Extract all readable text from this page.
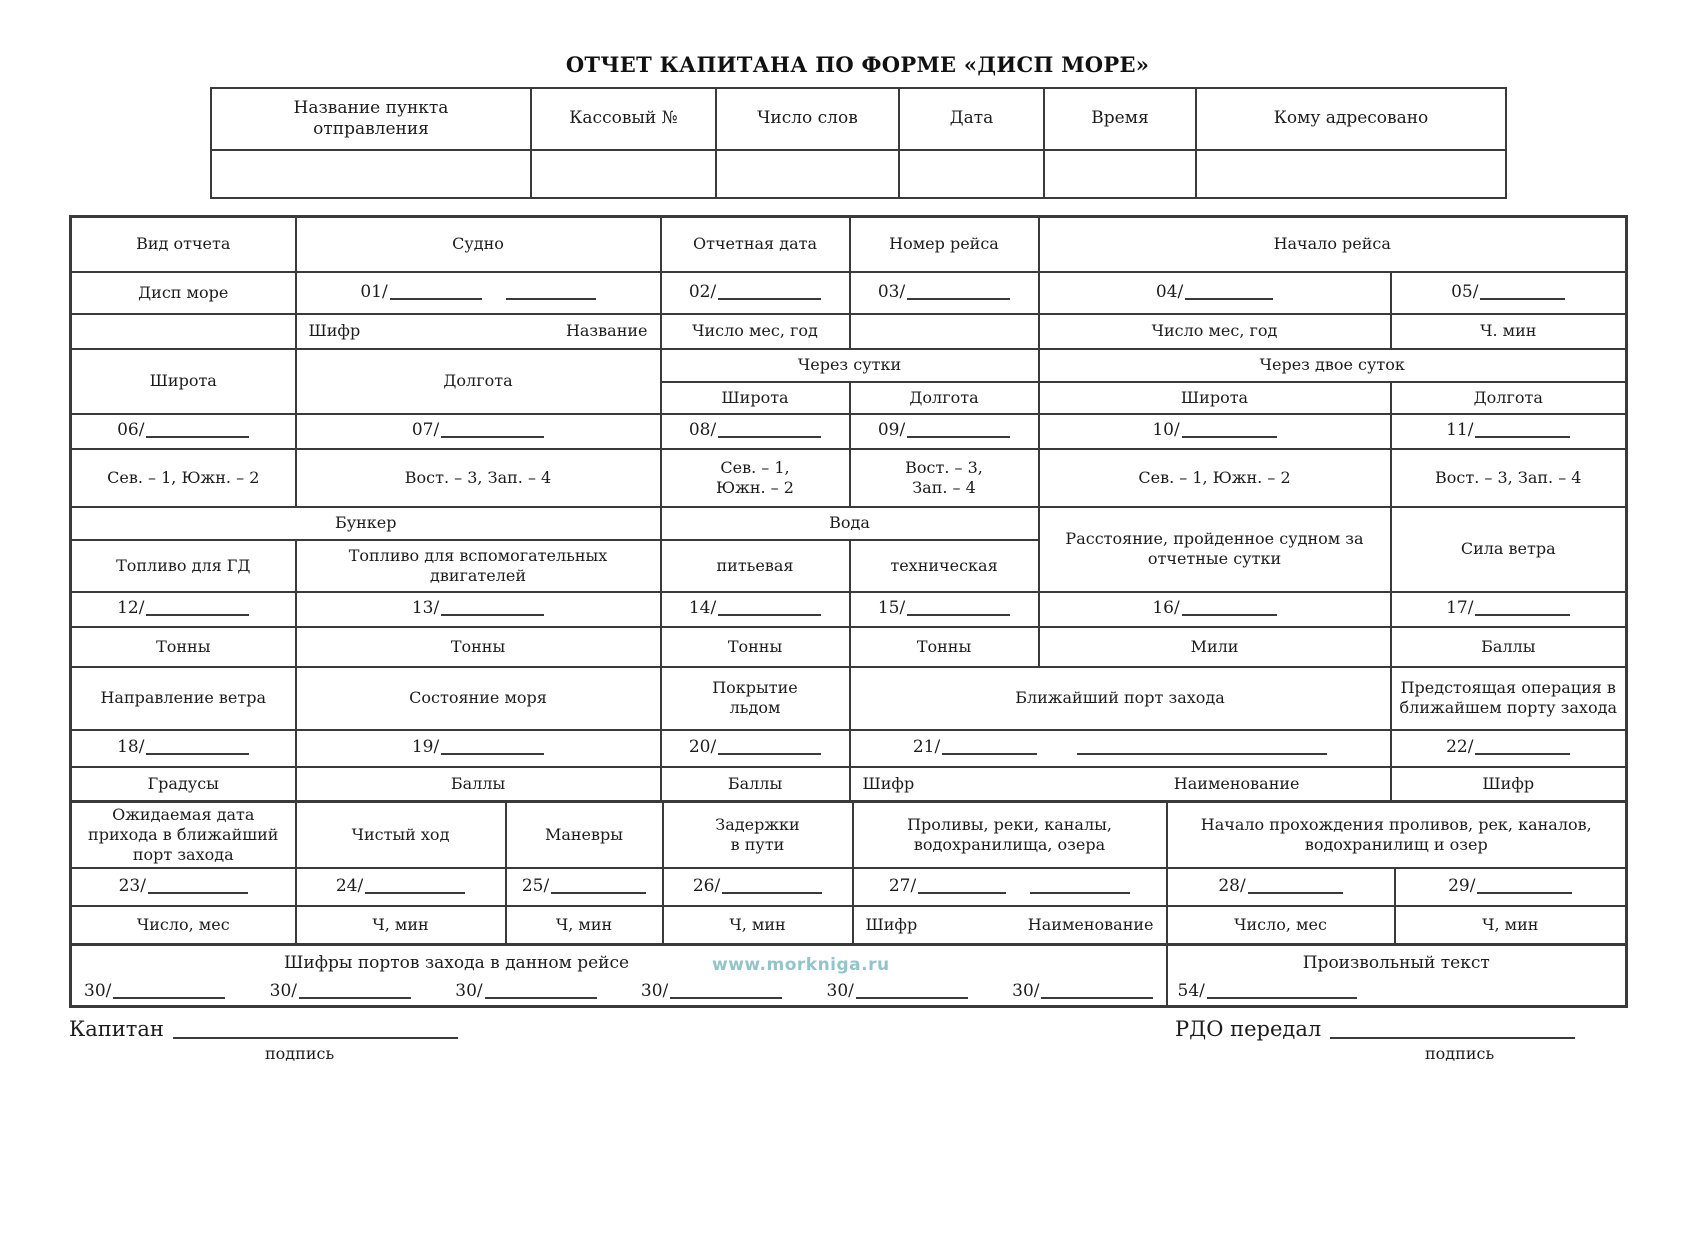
ОТЧЕТ КАПИТАНА ПО ФОРМЕ «ДИСП МОРЕ»
Название пункта отправления	Кассовый №	Число слов	Дата	Время	Кому адресовано

Вид отчета	Судно	Отчетная дата	Номер рейса	Начало рейса	
Дисп море	01/	02/	03/	04/	05/

	Шифр Название	Число мес, год		Число мес, год	Ч. мин
Широта	Долгота	Через сутки		Через двое суток	
		Широта	Долгота	Широта	Долгота
06/	07/	08/	09/	10/	11/
Сев. – 1, Южн. – 2	Вост. – 3, Зап. – 4	Сев. – 1, Южн. – 2	Вост. – 3, Зап. – 4	Сев. – 1, Южн. – 2	Вост. – 3, Зап. – 4
Бункер		Вода		Расстояние, пройденное судном за отчетные сутки	Сила ветра
Топливо для ГД	Топливо для вспомогательных двигателей	питьевая	техническая		
12/	13/	14/	15/	16/	17/
Тонны	Тонны	Тонны	Тонны	Мили	Баллы
Направление ветра	Состояние моря	Покрытие льдом	Ближайший порт захода		Предстоящая операция в ближайшем порту захода
18/	19/	20/	21/		22/
Градусы	Баллы	Баллы	Шифр Наименование		Шифр
Ожидаемая дата прихода в ближайший порт захода	Чистый ход	Маневры	Задержки в пути	Проливы, реки, каналы, водохранилища, озера	Начало прохождения проливов, рек, каналов, водохранилищ и озер	
23/	24/	25/	26/	27/	28/	29/
Число, мес	Ч, мин	Ч, мин	Ч, мин	Шифр Наименование	Число, мес	Ч, мин
Шифры портов захода в данном рейсе	www.morkniga.ru
30/	30/	30/	30/	30/	30/

Произвольный текст
54/
Капитан
подпись
РДО передал
подпись
